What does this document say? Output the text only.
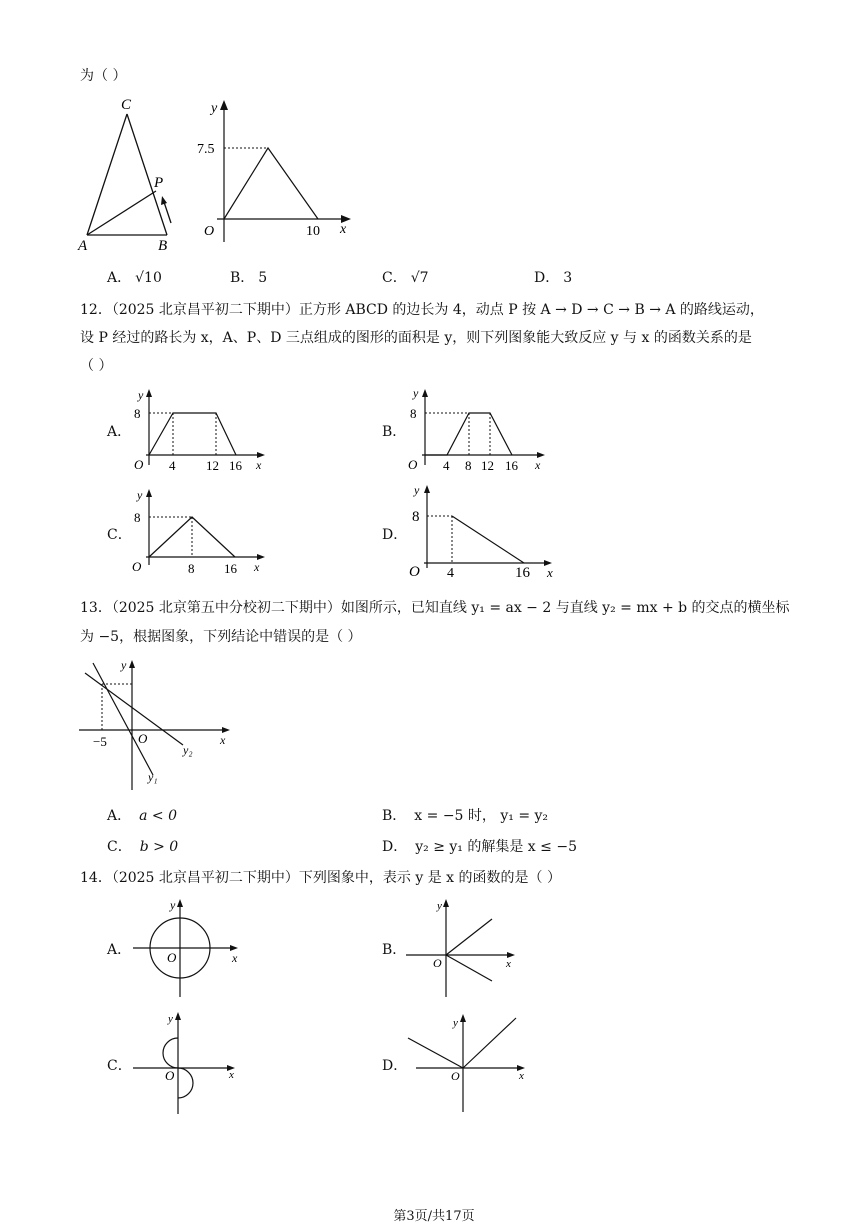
为（ ）
C
P
A	B
y
x
O
7.5
10
A． √10	B． 5	C． √7	D． 3
12．（2025 北京昌平初二下期中）正方形 ABCD 的边长为 4，动点 P 按 A → D → C → B → A 的路线运动，
设 P 经过的路长为 x，A、P、D 三点组成的图形的面积是 y，则下列图象能大致反应 y 与 x 的函数关系的是
（ ）
A．
y
x
O
8
4 12 16
B．
y
x
O
8
4 8 12 16
C．
y
x
O
8
8 16
D．
y
x
O
8
4	16
13．（2025 北京第五中分校初二下期中）如图所示，已知直线 y₁ = ax − 2 与直线 y₂ = mx + b 的交点的横坐标
为 −5，根据图象，下列结论中错误的是（ ）
y
x
O
−5
y₁
y₂
A． a < 0	B． x = −5 时， y₁ = y₂
C． b > 0	D． y₂ ≥ y₁ 的解集是 x ≤ −5
14．（2025 北京昌平初二下期中）下列图象中，表示 y 是 x 的函数的是（ ）
A．
y
x
O	B．
y
x
O
C．
y
x
O
D．
y
x
O
第3页/共17页
